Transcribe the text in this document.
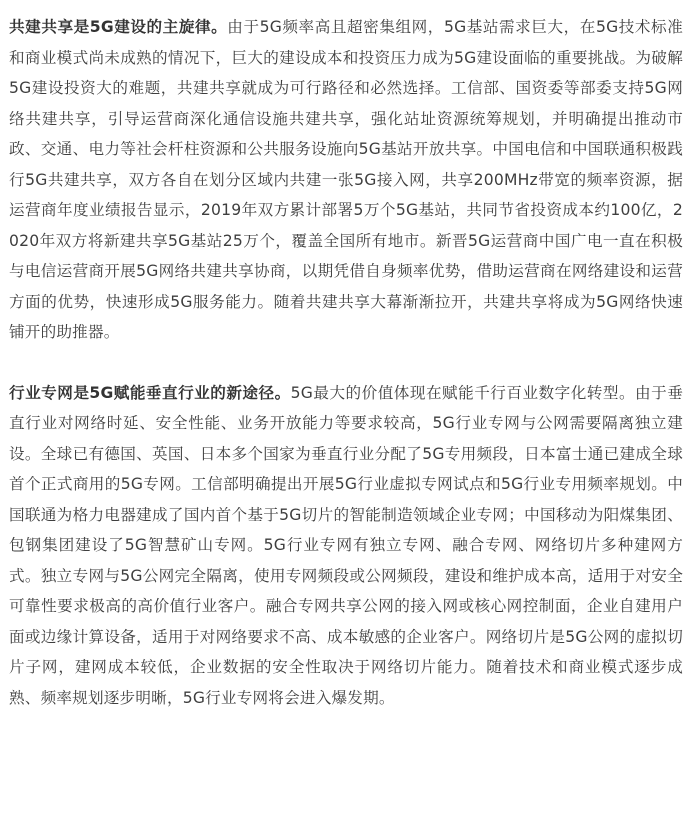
共建共享是5G建设的主旋律。由于5G频率高且超密集组网，5G基站需求巨大，在5G技术标准和商业模式尚未成熟的情况下，巨大的建设成本和投资压力成为5G建设面临的重要挑战。为破解5G建设投资大的难题，共建共享就成为可行路径和必然选择。工信部、国资委等部委支持5G网络共建共享，引导运营商深化通信设施共建共享，强化站址资源统筹规划，并明确提出推动市政、交通、电力等社会杆柱资源和公共服务设施向5G基站开放共享。中国电信和中国联通积极践行5G共建共享，双方各自在划分区域内共建一张5G接入网，共享200MHz带宽的频率资源，据运营商年度业绩报告显示，2019年双方累计部署5万个5G基站，共同节省投资成本约100亿，2020年双方将新建共享5G基站25万个，覆盖全国所有地市。新晋5G运营商中国广电一直在积极与电信运营商开展5G网络共建共享协商，以期凭借自身频率优势，借助运营商在网络建设和运营方面的优势，快速形成5G服务能力。随着共建共享大幕渐渐拉开，共建共享将成为5G网络快速铺开的助推器。

行业专网是5G赋能垂直行业的新途径。5G最大的价值体现在赋能千行百业数字化转型。由于垂直行业对网络时延、安全性能、业务开放能力等要求较高，5G行业专网与公网需要隔离独立建设。全球已有德国、英国、日本多个国家为垂直行业分配了5G专用频段，日本富士通已建成全球首个正式商用的5G专网。工信部明确提出开展5G行业虚拟专网试点和5G行业专用频率规划。中国联通为格力电器建成了国内首个基于5G切片的智能制造领域企业专网；中国移动为阳煤集团、包钢集团建设了5G智慧矿山专网。5G行业专网有独立专网、融合专网、网络切片多种建网方式。独立专网与5G公网完全隔离，使用专网频段或公网频段，建设和维护成本高，适用于对安全可靠性要求极高的高价值行业客户。融合专网共享公网的接入网或核心网控制面，企业自建用户面或边缘计算设备，适用于对网络要求不高、成本敏感的企业客户。网络切片是5G公网的虚拟切片子网，建网成本较低，企业数据的安全性取决于网络切片能力。随着技术和商业模式逐步成熟、频率规划逐步明晰，5G行业专网将会进入爆发期。
